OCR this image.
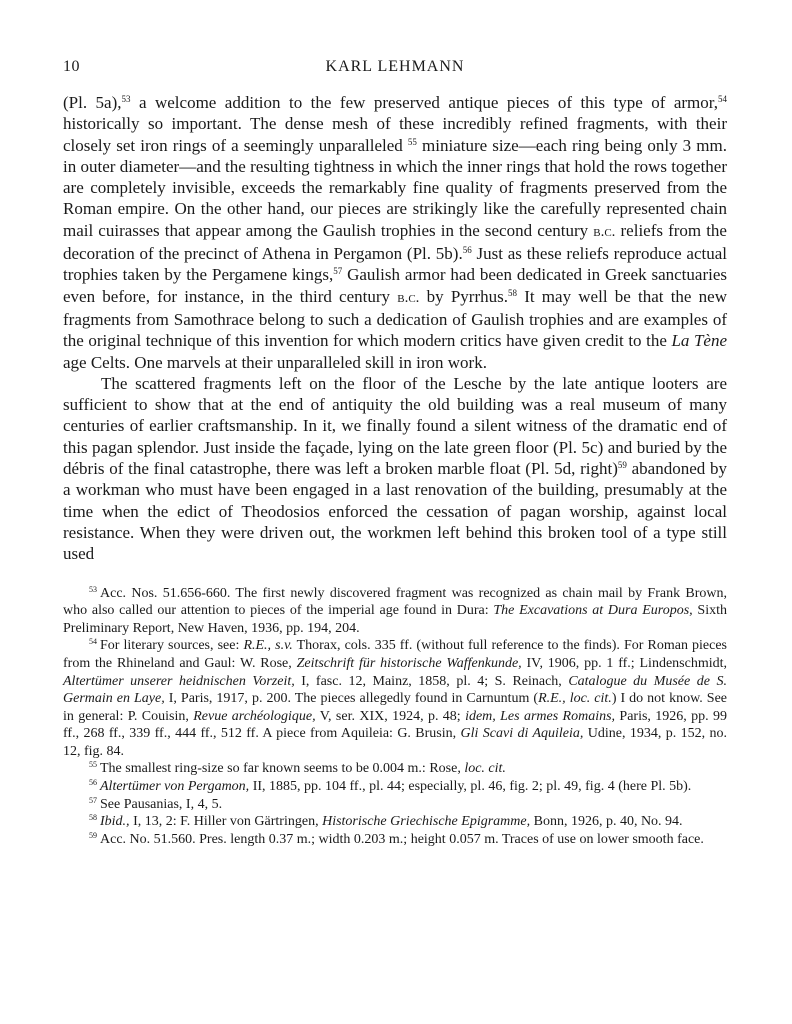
10	KARL LEHMANN

(Pl. 5a),$^{53}$ a welcome addition to the few preserved antique pieces of this type of armor,$^{54}$ historically so important. The dense mesh of these incredibly refined fragments, with their closely set iron rings of a seemingly unparalleled $^{55}$ miniature size—each ring being only 3 mm. in outer diameter—and the resulting tightness in which the inner rings that hold the rows together are completely invisible, exceeds the remarkably fine quality of fragments preserved from the Roman empire. On the other hand, our pieces are strikingly like the carefully represented chain mail cuirasses that appear among the Gaulish trophies in the second century b.c. reliefs from the decoration of the precinct of Athena in Pergamon (Pl. 5b).$^{56}$ Just as these reliefs reproduce actual trophies taken by the Pergamene kings,$^{57}$ Gaulish armor had been dedicated in Greek sanctuaries even before, for instance, in the third century b.c. by Pyrrhus.$^{58}$ It may well be that the new fragments from Samothrace belong to such a dedication of Gaulish trophies and are examples of the original technique of this invention for which modern critics have given credit to the La Tène age Celts. One marvels at their unparalleled skill in iron work.

The scattered fragments left on the floor of the Lesche by the late antique looters are sufficient to show that at the end of antiquity the old building was a real museum of many centuries of earlier craftsmanship. In it, we finally found a silent witness of the dramatic end of this pagan splendor. Just inside the façade, lying on the late green floor (Pl. 5c) and buried by the débris of the final catastrophe, there was left a broken marble float (Pl. 5d, right)$^{59}$ abandoned by a workman who must have been engaged in a last renovation of the building, presumably at the time when the edict of Theodosios enforced the cessation of pagan worship, against local resistance. When they were driven out, the workmen left behind this broken tool of a type still used

$^{53}$ Acc. Nos. 51.656-660. The first newly discovered fragment was recognized as chain mail by Frank Brown, who also called our attention to pieces of the imperial age found in Dura: The Excavations at Dura Europos, Sixth Preliminary Report, New Haven, 1936, pp. 194, 204.

$^{54}$ For literary sources, see: R.E., s.v. Thorax, cols. 335 ff. (without full reference to the finds). For Roman pieces from the Rhineland and Gaul: W. Rose, Zeitschrift für historische Waffenkunde, IV, 1906, pp. 1 ff.; Lindenschmidt, Altertümer unserer heidnischen Vorzeit, I, fasc. 12, Mainz, 1858, pl. 4; S. Reinach, Catalogue du Musée de S. Germain en Laye, I, Paris, 1917, p. 200. The pieces allegedly found in Carnuntum (R.E., loc. cit.) I do not know. See in general: P. Couisin, Revue archéologique, V, ser. XIX, 1924, p. 48; idem, Les armes Romains, Paris, 1926, pp. 99 ff., 268 ff., 339 ff., 444 ff., 512 ff. A piece from Aquileia: G. Brusin, Gli Scavi di Aquileia, Udine, 1934, p. 152, no. 12, fig. 84.

$^{55}$ The smallest ring-size so far known seems to be 0.004 m.: Rose, loc. cit.

$^{56}$ Altertümer von Pergamon, II, 1885, pp. 104 ff., pl. 44; especially, pl. 46, fig. 2; pl. 49, fig. 4 (here Pl. 5b).

$^{57}$ See Pausanias, I, 4, 5.

$^{58}$ Ibid., I, 13, 2: F. Hiller von Gärtringen, Historische Griechische Epigramme, Bonn, 1926, p. 40, No. 94.

$^{59}$ Acc. No. 51.560. Pres. length 0.37 m.; width 0.203 m.; height 0.057 m. Traces of use on lower smooth face.
